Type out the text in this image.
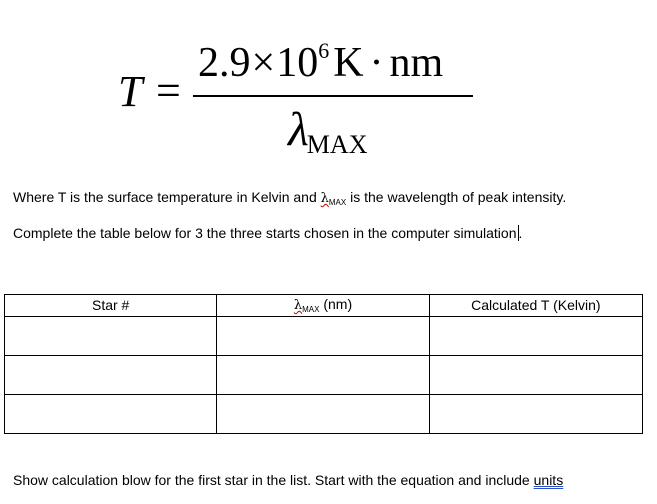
T =
$2.9\times 10^6K$ · nm
λMAX
Where T is the surface temperature in Kelvin and $\lambda_{MAX}$ is the wavelength of peak intensity.
Complete the table below for 3 the three starts chosen in the computer simulation .
Star #	$\lambda_{MAX}$ (nm)	Calculated T (Kelvin)

Show calculation blow for the first star in the list. Start with the equation and include units
